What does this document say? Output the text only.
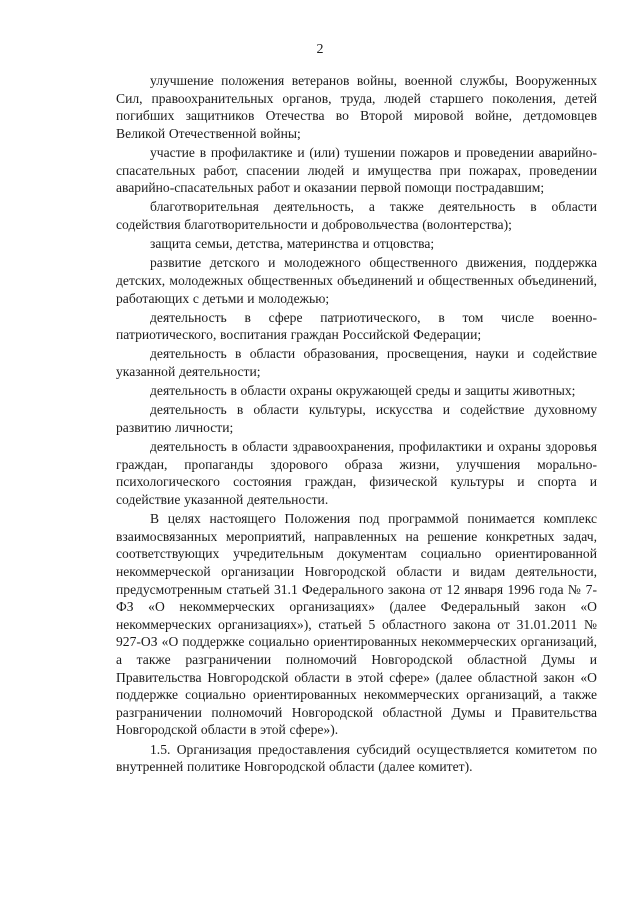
2

улучшение положения ветеранов войны, военной службы, Вооруженных Сил, правоохранительных органов, труда, людей старшего поколения, детей погибших защитников Отечества во Второй мировой войне, детдомовцев Великой Отечественной войны;

участие в профилактике и (или) тушении пожаров и проведении аварийно-спасательных работ, спасении людей и имущества при пожарах, проведении аварийно-спасательных работ и оказании первой помощи пострадавшим;

благотворительная деятельность, а также деятельность в области содействия благотворительности и добровольчества (волонтерства);

защита семьи, детства, материнства и отцовства;

развитие детского и молодежного общественного движения, поддержка детских, молодежных общественных объединений и общественных объединений, работающих с детьми и молодежью;

деятельность в сфере патриотического, в том числе военно-патриотического, воспитания граждан Российской Федерации;

деятельность в области образования, просвещения, науки и содействие указанной деятельности;

деятельность в области охраны окружающей среды и защиты животных;

деятельность в области культуры, искусства и содействие духовному развитию личности;

деятельность в области здравоохранения, профилактики и охраны здоровья граждан, пропаганды здорового образа жизни, улучшения морально-психологического состояния граждан, физической культуры и спорта и содействие указанной деятельности.

В целях настоящего Положения под программой понимается комплекс взаимосвязанных мероприятий, направленных на решение конкретных задач, соответствующих учредительным документам социально ориентированной некоммерческой организации Новгородской области и видам деятельности, предусмотренным статьей 31.1 Федерального закона от 12 января 1996 года № 7-ФЗ «О некоммерческих организациях» (далее Федеральный закон «О некоммерческих организациях»), статьей 5 областного закона от 31.01.2011 № 927-ОЗ «О поддержке социально ориентированных некоммерческих организаций, а также разграничении полномочий Новгородской областной Думы и Правительства Новгородской области в этой сфере» (далее областной закон «О поддержке социально ориентированных некоммерческих организаций, а также разграничении полномочий Новгородской областной Думы и Правительства Новгородской области в этой сфере»).

1.5. Организация предоставления субсидий осуществляется комитетом по внутренней политике Новгородской области (далее комитет).
